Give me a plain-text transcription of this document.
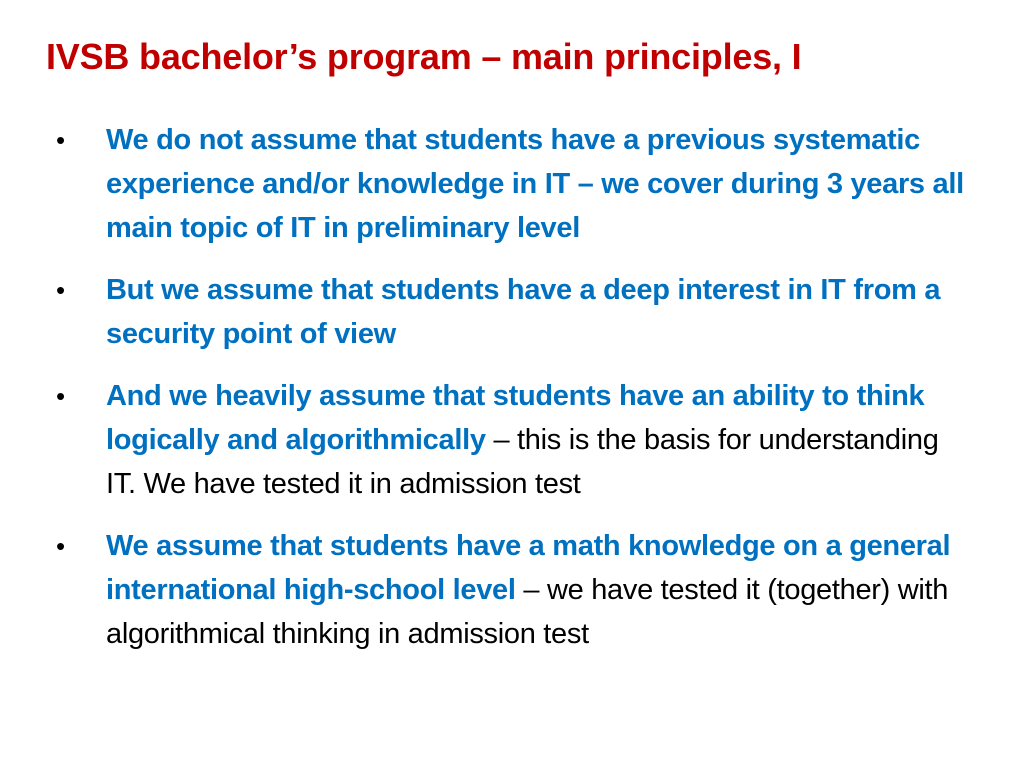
IVSB bachelor’s program – main principles, I
• We do not assume that students have a previous systematic experience and/or knowledge in IT – we cover during 3 years all main topic of IT in preliminary level
• But we assume that students have a deep interest in IT from a security point of view
• And we heavily assume that students have an ability to think logically and algorithmically – this is the basis for understanding IT. We have tested it in admission test
• We assume that students have a math knowledge on a general international high-school level – we have tested it (together) with algorithmical thinking in admission test
